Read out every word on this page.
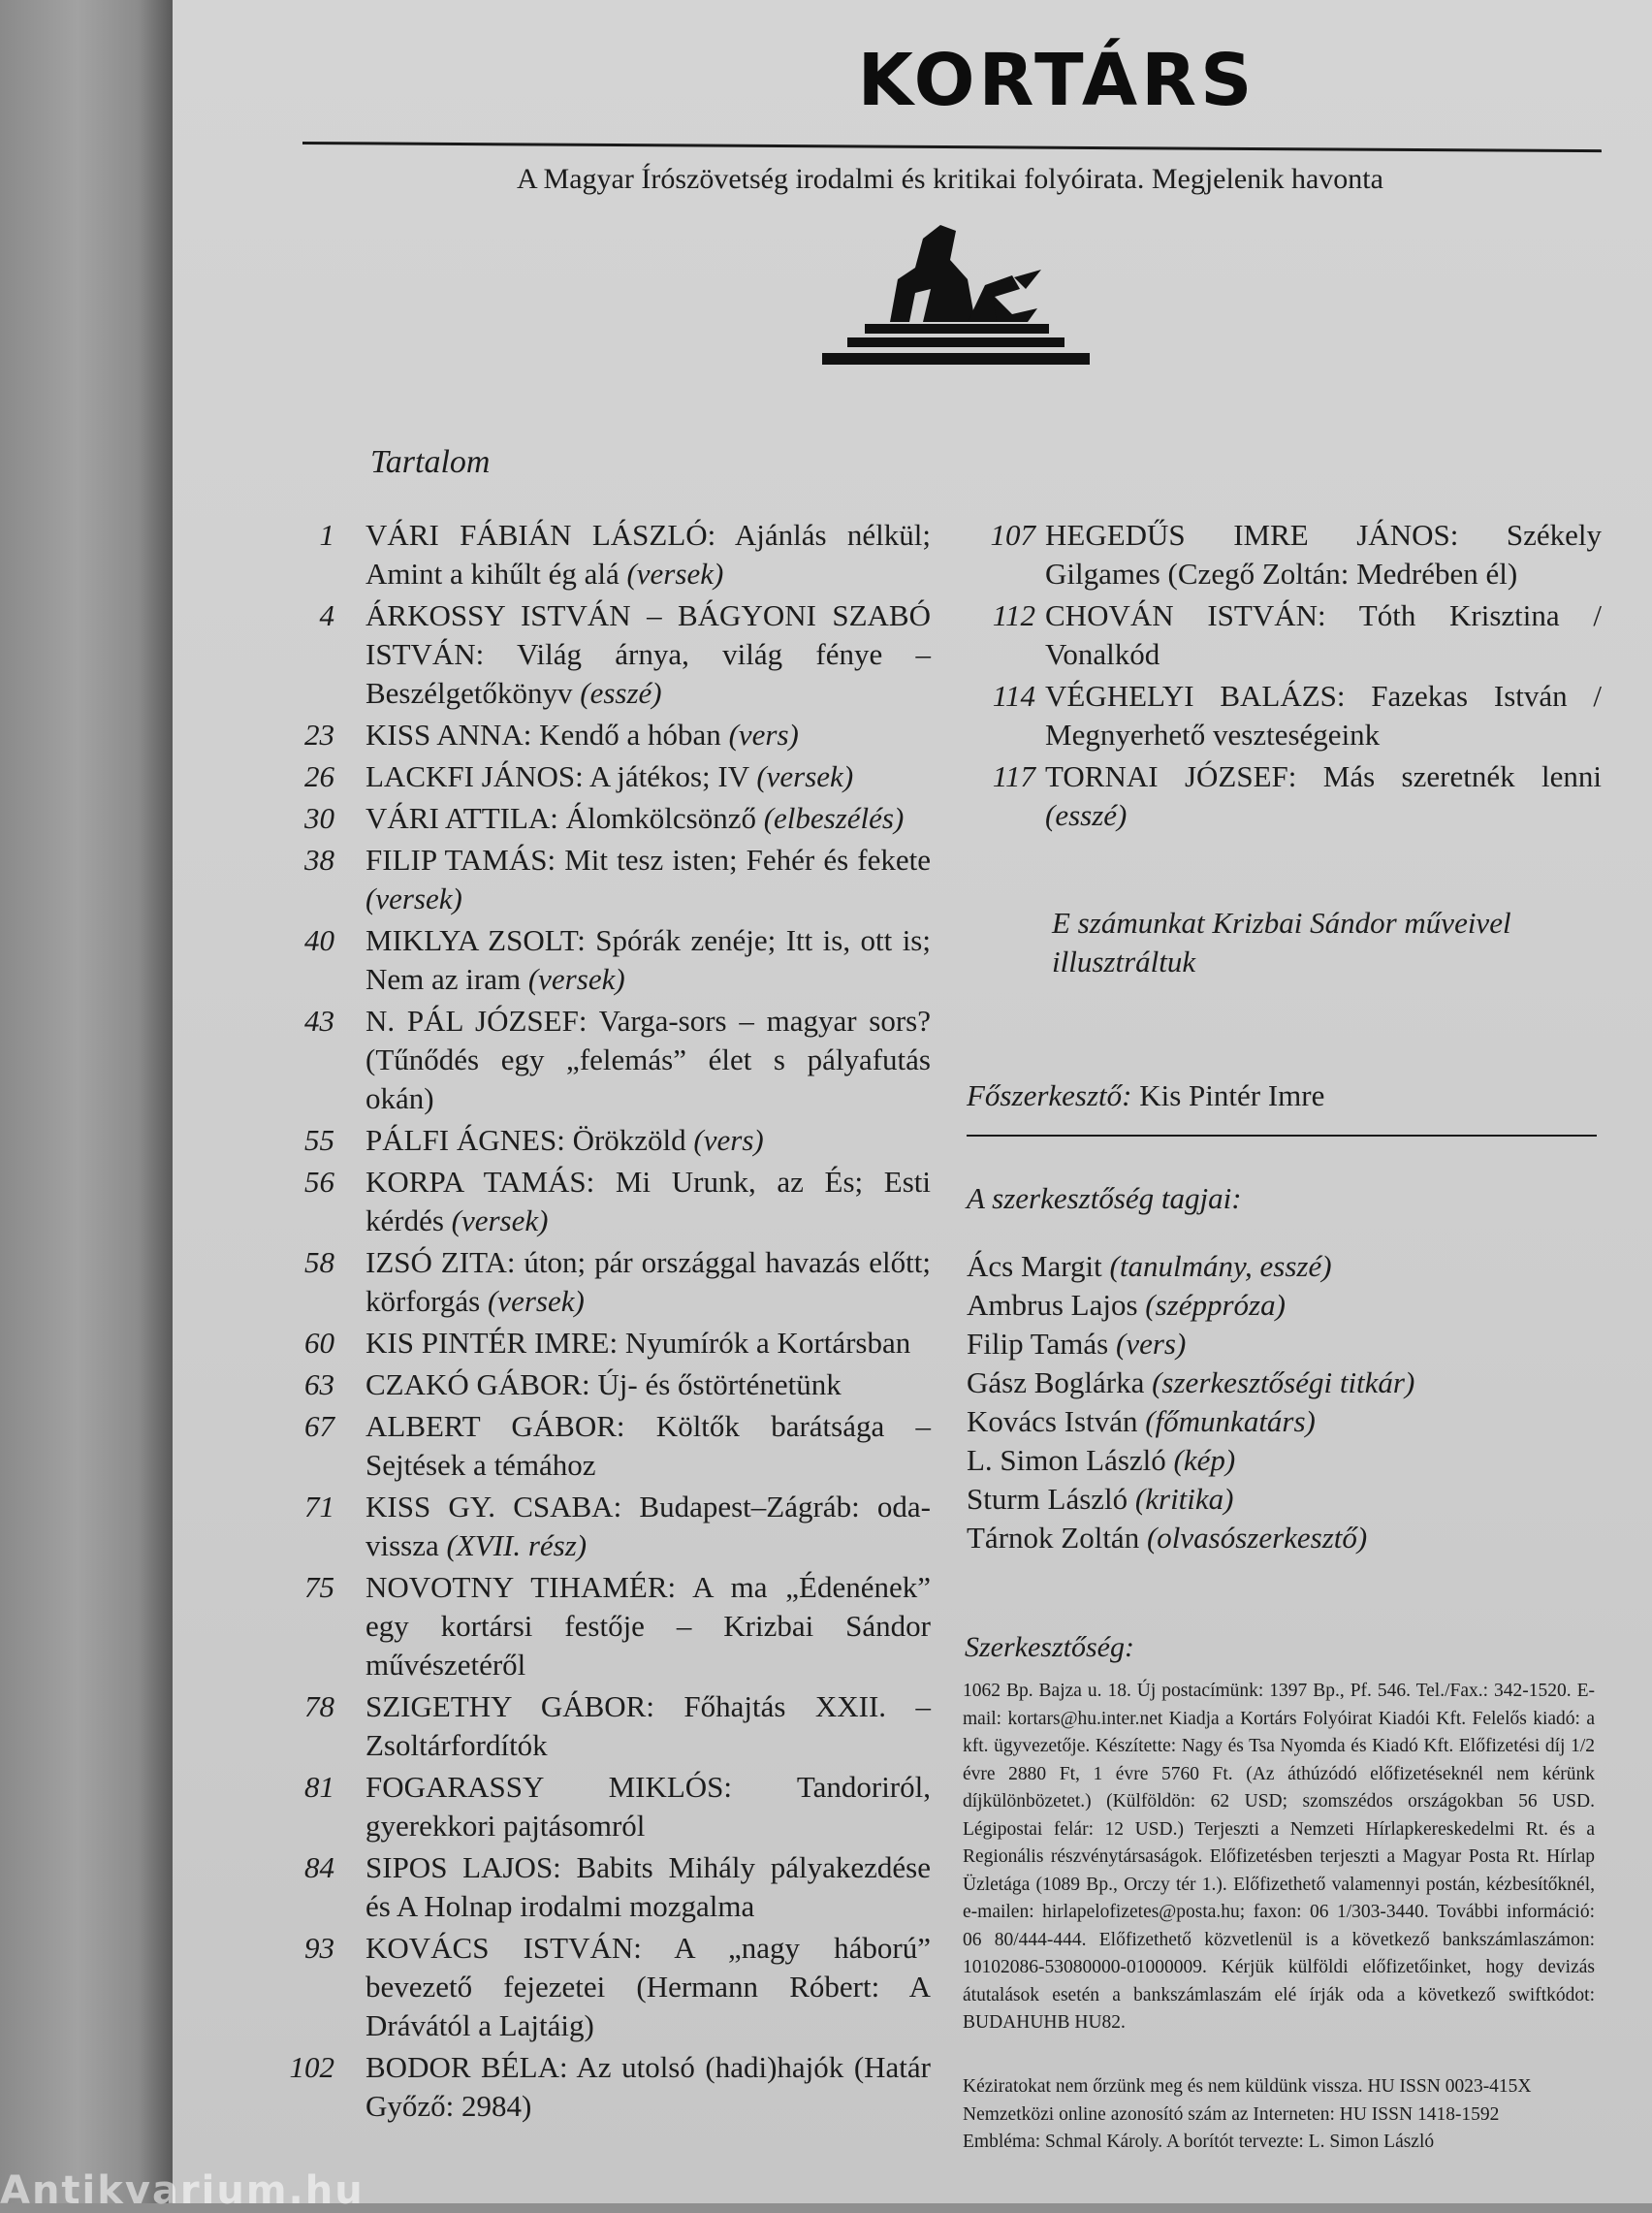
KORTÁRS
A Magyar Írószövetség irodalmi és kritikai folyóirata. Megjelenik havonta
Tartalom
1	VÁRI FÁBIÁN LÁSZLÓ: Ajánlás nélkül; Amint a kihűlt ég alá (versek)
4	ÁRKOSSY ISTVÁN – BÁGYONI SZABÓ ISTVÁN: Világ árnya, világ fénye – Beszélgetőkönyv (esszé)
23	KISS ANNA: Kendő a hóban (vers)
26	LACKFI JÁNOS: A játékos; IV (versek)
30	VÁRI ATTILA: Álomkölcsönző (elbeszélés)
38	FILIP TAMÁS: Mit tesz isten; Fehér és fekete (versek)
40	MIKLYA ZSOLT: Spórák zenéje; Itt is, ott is; Nem az iram (versek)
43	N. PÁL JÓZSEF: Varga-sors – magyar sors? (Tűnődés egy „felemás” élet s pályafutás okán)
55	PÁLFI ÁGNES: Örökzöld (vers)
56	KORPA TAMÁS: Mi Urunk, az És; Esti kérdés (versek)
58	IZSÓ ZITA: úton; pár országgal havazás előtt; körforgás (versek)
60	KIS PINTÉR IMRE: Nyumírók a Kortársban
63	CZAKÓ GÁBOR: Új- és őstörténetünk
67	ALBERT GÁBOR: Költők barátsága – Sejtések a témához
71	KISS GY. CSABA: Budapest–Zágráb: oda-vissza (XVII. rész)
75	NOVOTNY TIHAMÉR: A ma „Édenének” egy kortársi festője – Krizbai Sándor művészetéről
78	SZIGETHY GÁBOR: Főhajtás XXII. – Zsoltárfordítók
81	FOGARASSY MIKLÓS: Tandoriról, gyerekkori pajtásomról
84	SIPOS LAJOS: Babits Mihály pályakezdése és A Holnap irodalmi mozgalma
93	KOVÁCS ISTVÁN: A „nagy háború” bevezető fejezetei (Hermann Róbert: A Drávától a Lajtáig)
102	BODOR BÉLA: Az utolsó (hadi)hajók (Határ Győző: 2984)
107 HEGEDŰS IMRE JÁNOS: Székely Gilgames (Czegő Zoltán: Medrében él)
112 CHOVÁN ISTVÁN: Tóth Krisztina / Vonalkód
114 VÉGHELYI BALÁZS: Fazekas István / Megnyerhető veszteségeink
117 TORNAI JÓZSEF: Más szeretnék lenni (esszé)
E számunkat Krizbai Sándor műveivel illusztráltuk
Főszerkesztő: Kis Pintér Imre
A szerkesztőség tagjai:
Ács Margit (tanulmány, esszé)
Ambrus Lajos (széppróza)
Filip Tamás (vers)
Gász Boglárka (szerkesztőségi titkár)
Kovács István (főmunkatárs)
L. Simon László (kép)
Sturm László (kritika)
Tárnok Zoltán (olvasószerkesztő)
Szerkesztőség:
1062 Bp. Bajza u. 18. Új postacímünk: 1397 Bp., Pf. 546. Tel./Fax.: 342-1520. E-mail: kortars@hu.inter.net Kiadja a Kortárs Folyóirat Kiadói Kft. Felelős kiadó: a kft. ügyvezetője. Készítette: Nagy és Tsa Nyomda és Kiadó Kft. Előfizetési díj 1/2 évre 2880 Ft, 1 évre 5760 Ft. (Az áthúzódó előfizetéseknél nem kérünk díjkülönbözetet.) (Külföldön: 62 USD; szomszédos országokban 56 USD. Légipostai felár: 12 USD.) Terjeszti a Nemzeti Hírlapkereskedelmi Rt. és a Regionális részvénytársaságok. Előfizetésben terjeszti a Magyar Posta Rt. Hírlap Üzletága (1089 Bp., Orczy tér 1.). Előfizethető valamennyi postán, kézbesítőknél, e-mailen: hirlapelofizetes@posta.hu; faxon: 06 1/303-3440. További információ: 06 80/444-444. Előfizethető közvetlenül is a következő bankszámlaszámon: 10102086-53080000-01000009. Kérjük külföldi előfizetőinket, hogy devizás átutalások esetén a bankszámlaszám elé írják oda a következő swiftkódot: BUDAHUHB HU82.
Kéziratokat nem őrzünk meg és nem küldünk vissza. HU ISSN 0023-415X
Nemzetközi online azonosító szám az Interneten: HU ISSN 1418-1592
Embléma: Schmal Károly. A borítót tervezte: L. Simon László
Antikvarium.hu
